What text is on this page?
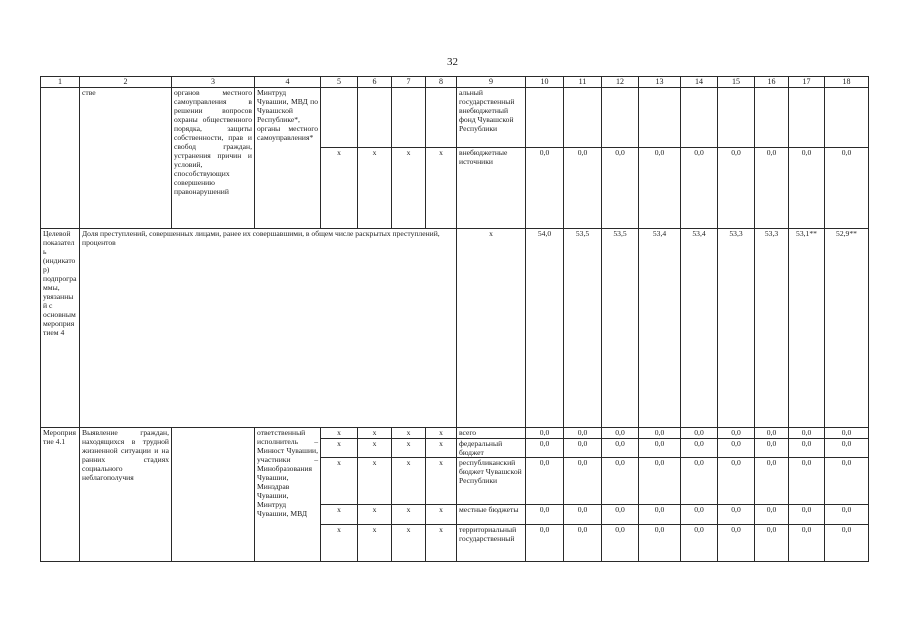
32
1	2	3	4	5	6	7	8	9	10	11	12	13	14	15	16	17	18
	стве	органов местного самоуправления в решении вопросов охраны общественного порядка, защиты собственности, прав и свобод граждан, устранения причин и условий, способствующих совершению правонарушений	Минтруд Чувашии, МВД по Чувашской Республике*, органы местного самоуправления*					альный государственный внебюджетный фонд Чувашской Республики									
				x	x	x	x	внебюджетные источники	0,0	0,0	0,0	0,0	0,0	0,0	0,0	0,0	0,0
Целевой показатель (индикатор) подпрограммы, увязанный с основным мероприятием 4	Доля преступлений, совершенных лицами, ранее их совершавшими, в общем числе раскрытых преступлений, процентов							x	54,0	53,5	53,5	53,4	53,4	53,3	53,3	53,1**	52,9**
Мероприятие 4.1	Выявление граждан, находящихся в трудной жизненной ситуации и на ранних стадиях социального неблагополучия		ответственный исполнитель – Минюст Чувашии, участники – Минобразования Чувашии, Минздрав Чувашии, Минтруд Чувашии, МВД	x	x	x	x	всего	0,0	0,0	0,0	0,0	0,0	0,0	0,0	0,0	0,0
				x	x	x	x	федеральный бюджет	0,0	0,0	0,0	0,0	0,0	0,0	0,0	0,0	0,0
				x	x	x	x	республиканский бюджет Чувашской Республики	0,0	0,0	0,0	0,0	0,0	0,0	0,0	0,0	0,0
				x	x	x	x	местные бюджеты	0,0	0,0	0,0	0,0	0,0	0,0	0,0	0,0	0,0
				x	x	x	x	территориальный государственный	0,0	0,0	0,0	0,0	0,0	0,0	0,0	0,0	0,0
